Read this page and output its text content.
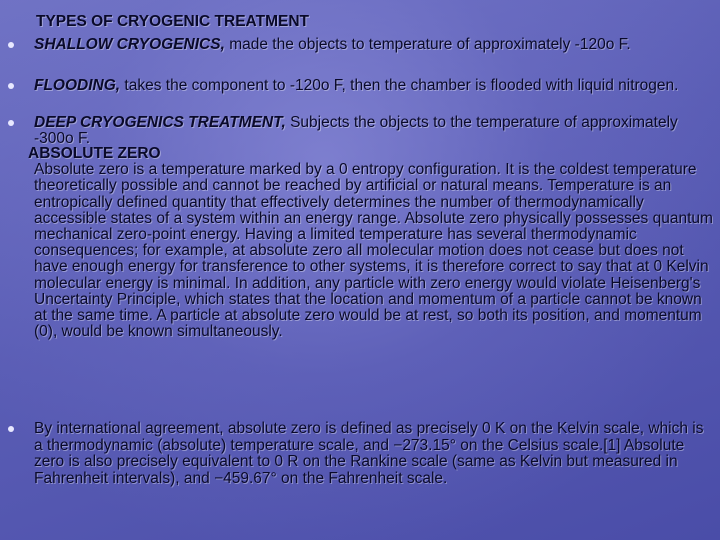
TYPES OF CRYOGENIC TREATMENT
SHALLOW CRYOGENICS, made the objects to temperature of approximately -120o F.
FLOODING, takes the component to -120o F, then the chamber is flooded with liquid nitrogen.
DEEP CRYOGENICS TREATMENT, Subjects the objects to the temperature of approximately -300o F.
ABSOLUTE ZERO
Absolute zero is a temperature marked by a 0 entropy configuration. It is the coldest temperature theoretically possible and cannot be reached by artificial or natural means. Temperature is an entropically defined quantity that effectively determines the number of thermodynamically accessible states of a system within an energy range. Absolute zero physically possesses quantum mechanical zero-point energy. Having a limited temperature has several thermodynamic consequences; for example, at absolute zero all molecular motion does not cease but does not have enough energy for transference to other systems, it is therefore correct to say that at 0 Kelvin molecular energy is minimal. In addition, any particle with zero energy would violate Heisenberg's Uncertainty Principle, which states that the location and momentum of a particle cannot be known at the same time. A particle at absolute zero would be at rest, so both its position, and momentum (0), would be known simultaneously.
By international agreement, absolute zero is defined as precisely 0 K on the Kelvin scale, which is a thermodynamic (absolute) temperature scale, and −273.15° on the Celsius scale.[1] Absolute zero is also precisely equivalent to 0 R on the Rankine scale (same as Kelvin but measured in Fahrenheit intervals), and −459.67° on the Fahrenheit scale.
